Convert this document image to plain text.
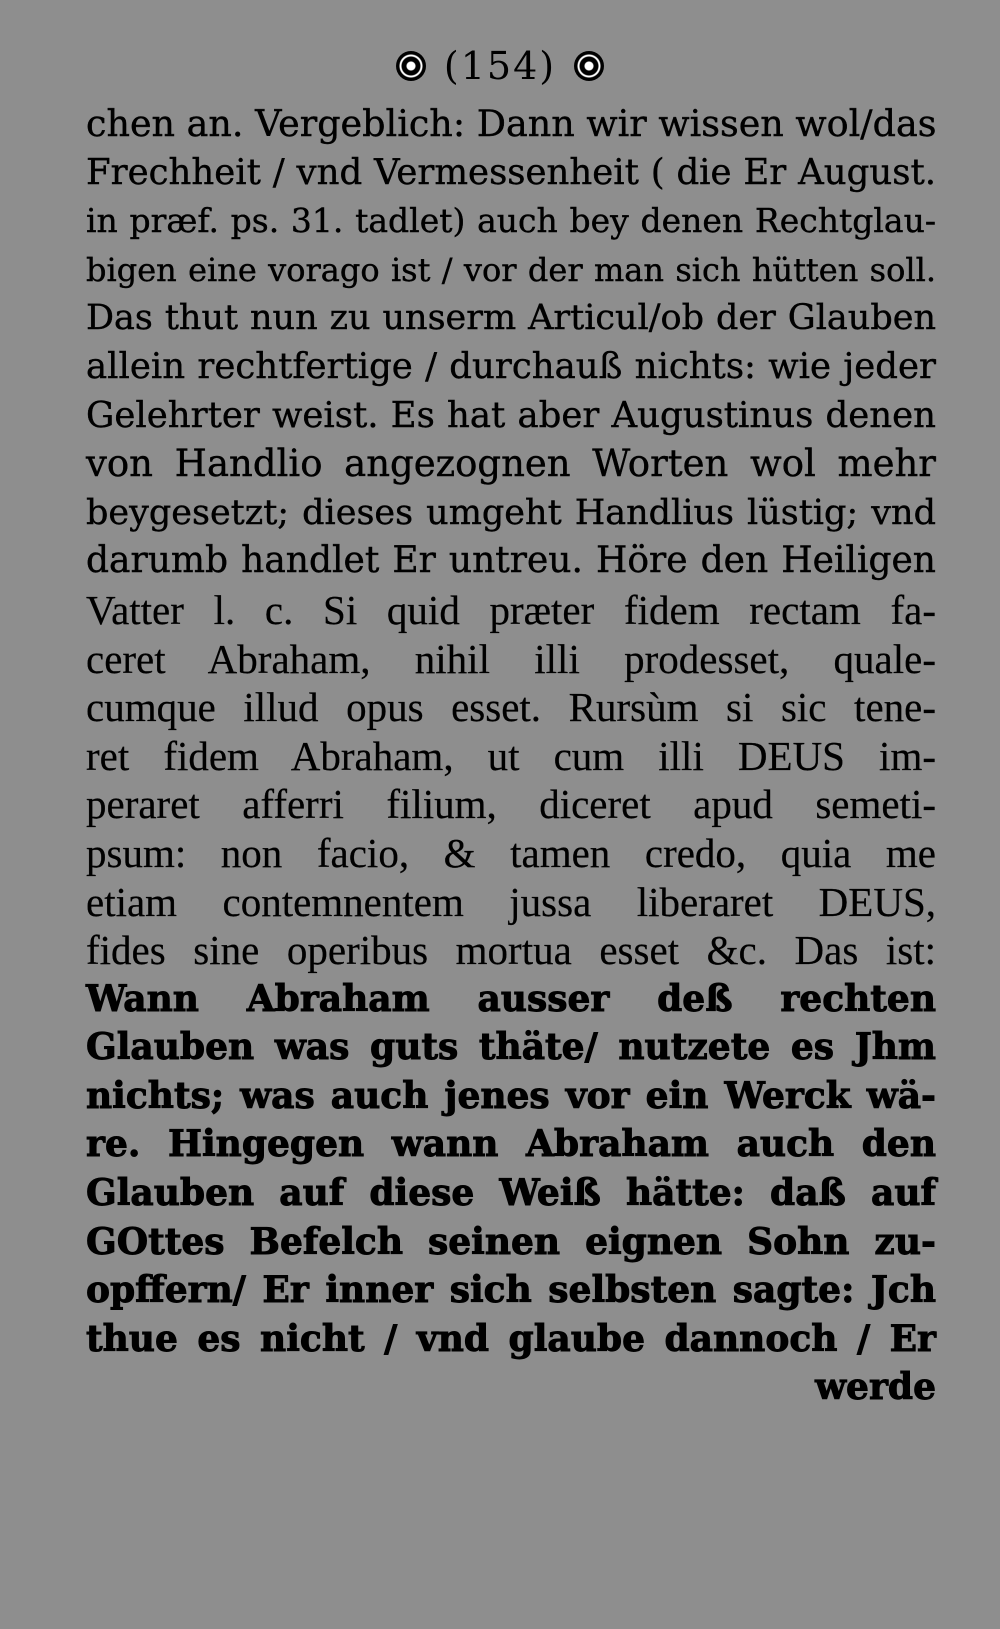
(154)
chen an. Vergeblich: Dann wir wissen wol/das
Frechheit / vnd Vermessenheit ( die Er August.
in præf. ps. 31. tadlet) auch bey denen Rechtglau-
bigen eine vorago ist / vor der man sich hütten soll.
Das thut nun zu unserm Articul/ob der Glauben
allein rechtfertige / durchauß nichts: wie jeder
Gelehrter weist. Es hat aber Augustinus denen
von Handlio angezognen Worten wol mehr
beygesetzt; dieses umgeht Handlius lüstig; vnd
darumb handlet Er untreu. Höre den Heiligen
Vatter l. c. Si quid præter fidem rectam fa-
ceret Abraham, nihil illi prodesset, quale-
cumque illud opus esset. Rursùm si sic tene-
ret fidem Abraham, ut cum illi DEUS im-
peraret afferri filium, diceret apud semeti-
psum: non facio, & tamen credo, quia me
etiam contemnentem jussa liberaret DEUS,
fides sine operibus mortua esset &c. Das ist:
Wann Abraham ausser deß rechten
Glauben was guts thäte/ nutzete es Jhm
nichts; was auch jenes vor ein Werck wä-
re. Hingegen wann Abraham auch den
Glauben auf diese Weiß hätte: daß auf
GOttes Befelch seinen eignen Sohn zu-
opffern/ Er inner sich selbsten sagte: Jch
thue es nicht / vnd glaube dannoch / Er
werde
